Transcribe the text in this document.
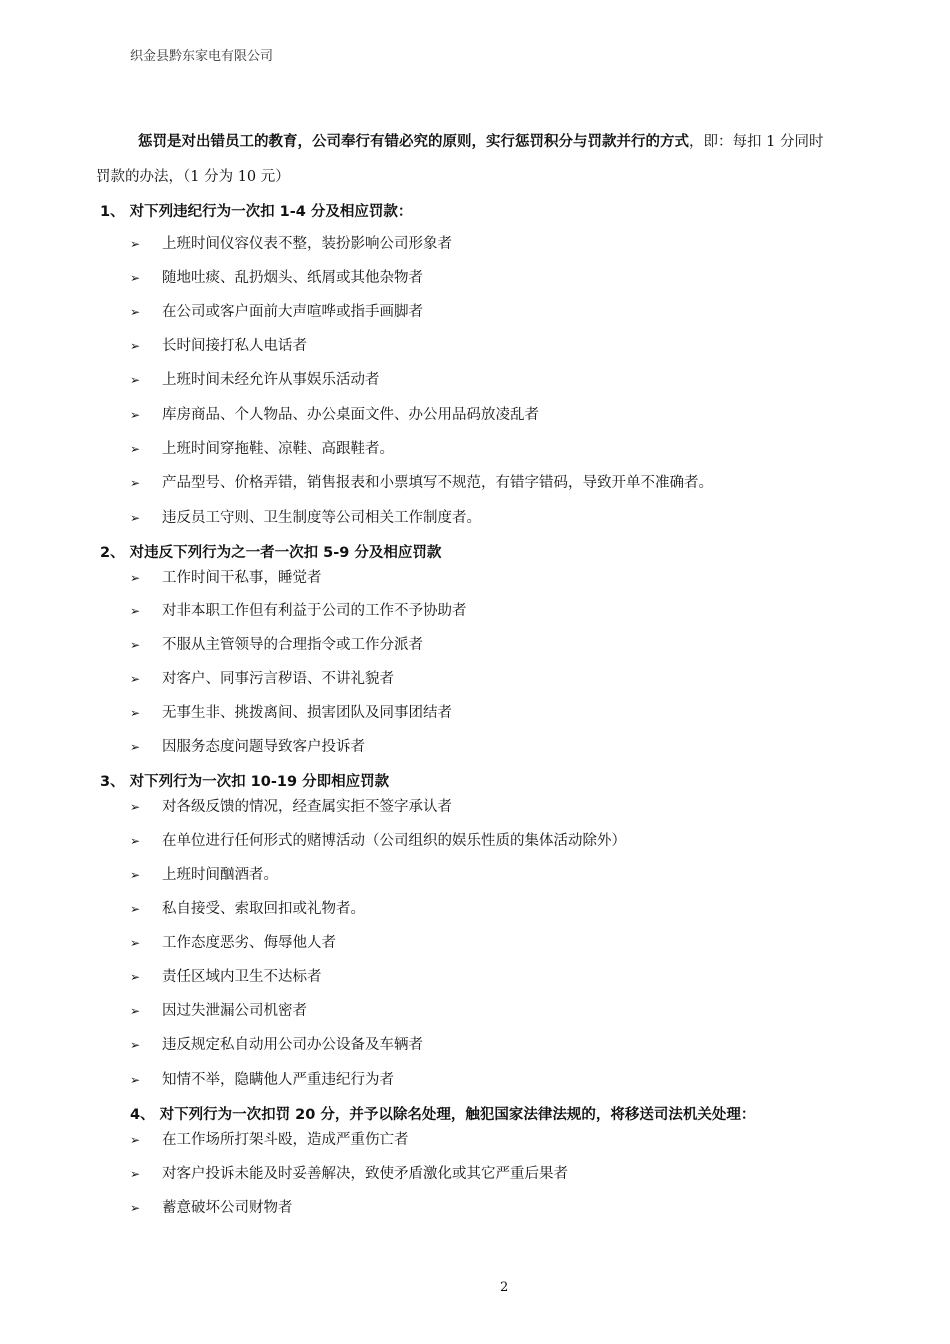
织金县黔东家电有限公司

惩罚是对出错员工的教育，公司奉行有错必究的原则，实行惩罚积分与罚款并行的方式，即：每扣 1 分同时

罚款的办法，（1 分为 10 元）

1、 对下列违纪行为一次扣 1-4 分及相应罚款：
➢ 上班时间仪容仪表不整，装扮影响公司形象者
➢ 随地吐痰、乱扔烟头、纸屑或其他杂物者
➢ 在公司或客户面前大声喧哗或指手画脚者
➢ 长时间接打私人电话者
➢ 上班时间未经允许从事娱乐活动者
➢ 库房商品、个人物品、办公桌面文件、办公用品码放凌乱者
➢ 上班时间穿拖鞋、凉鞋、高跟鞋者。
➢ 产品型号、价格弄错，销售报表和小票填写不规范，有错字错码，导致开单不准确者。
➢ 违反员工守则、卫生制度等公司相关工作制度者。
2、 对违反下列行为之一者一次扣 5-9 分及相应罚款
➢ 工作时间干私事，睡觉者
➢ 对非本职工作但有利益于公司的工作不予协助者
➢ 不服从主管领导的合理指令或工作分派者
➢ 对客户、同事污言秽语、不讲礼貌者
➢ 无事生非、挑拨离间、损害团队及同事团结者
➢ 因服务态度问题导致客户投诉者
3、 对下列行为一次扣 10-19 分即相应罚款
➢ 对各级反馈的情况，经查属实拒不签字承认者
➢ 在单位进行任何形式的赌博活动（公司组织的娱乐性质的集体活动除外）
➢ 上班时间酗酒者。
➢ 私自接受、索取回扣或礼物者。
➢ 工作态度恶劣、侮辱他人者
➢ 责任区域内卫生不达标者
➢ 因过失泄漏公司机密者
➢ 违反规定私自动用公司办公设备及车辆者
➢ 知情不举，隐瞒他人严重违纪行为者
4、 对下列行为一次扣罚 20 分，并予以除名处理，触犯国家法律法规的，将移送司法机关处理：
➢ 在工作场所打架斗殴，造成严重伤亡者
➢ 对客户投诉未能及时妥善解决，致使矛盾激化或其它严重后果者
➢ 蓄意破坏公司财物者
2
